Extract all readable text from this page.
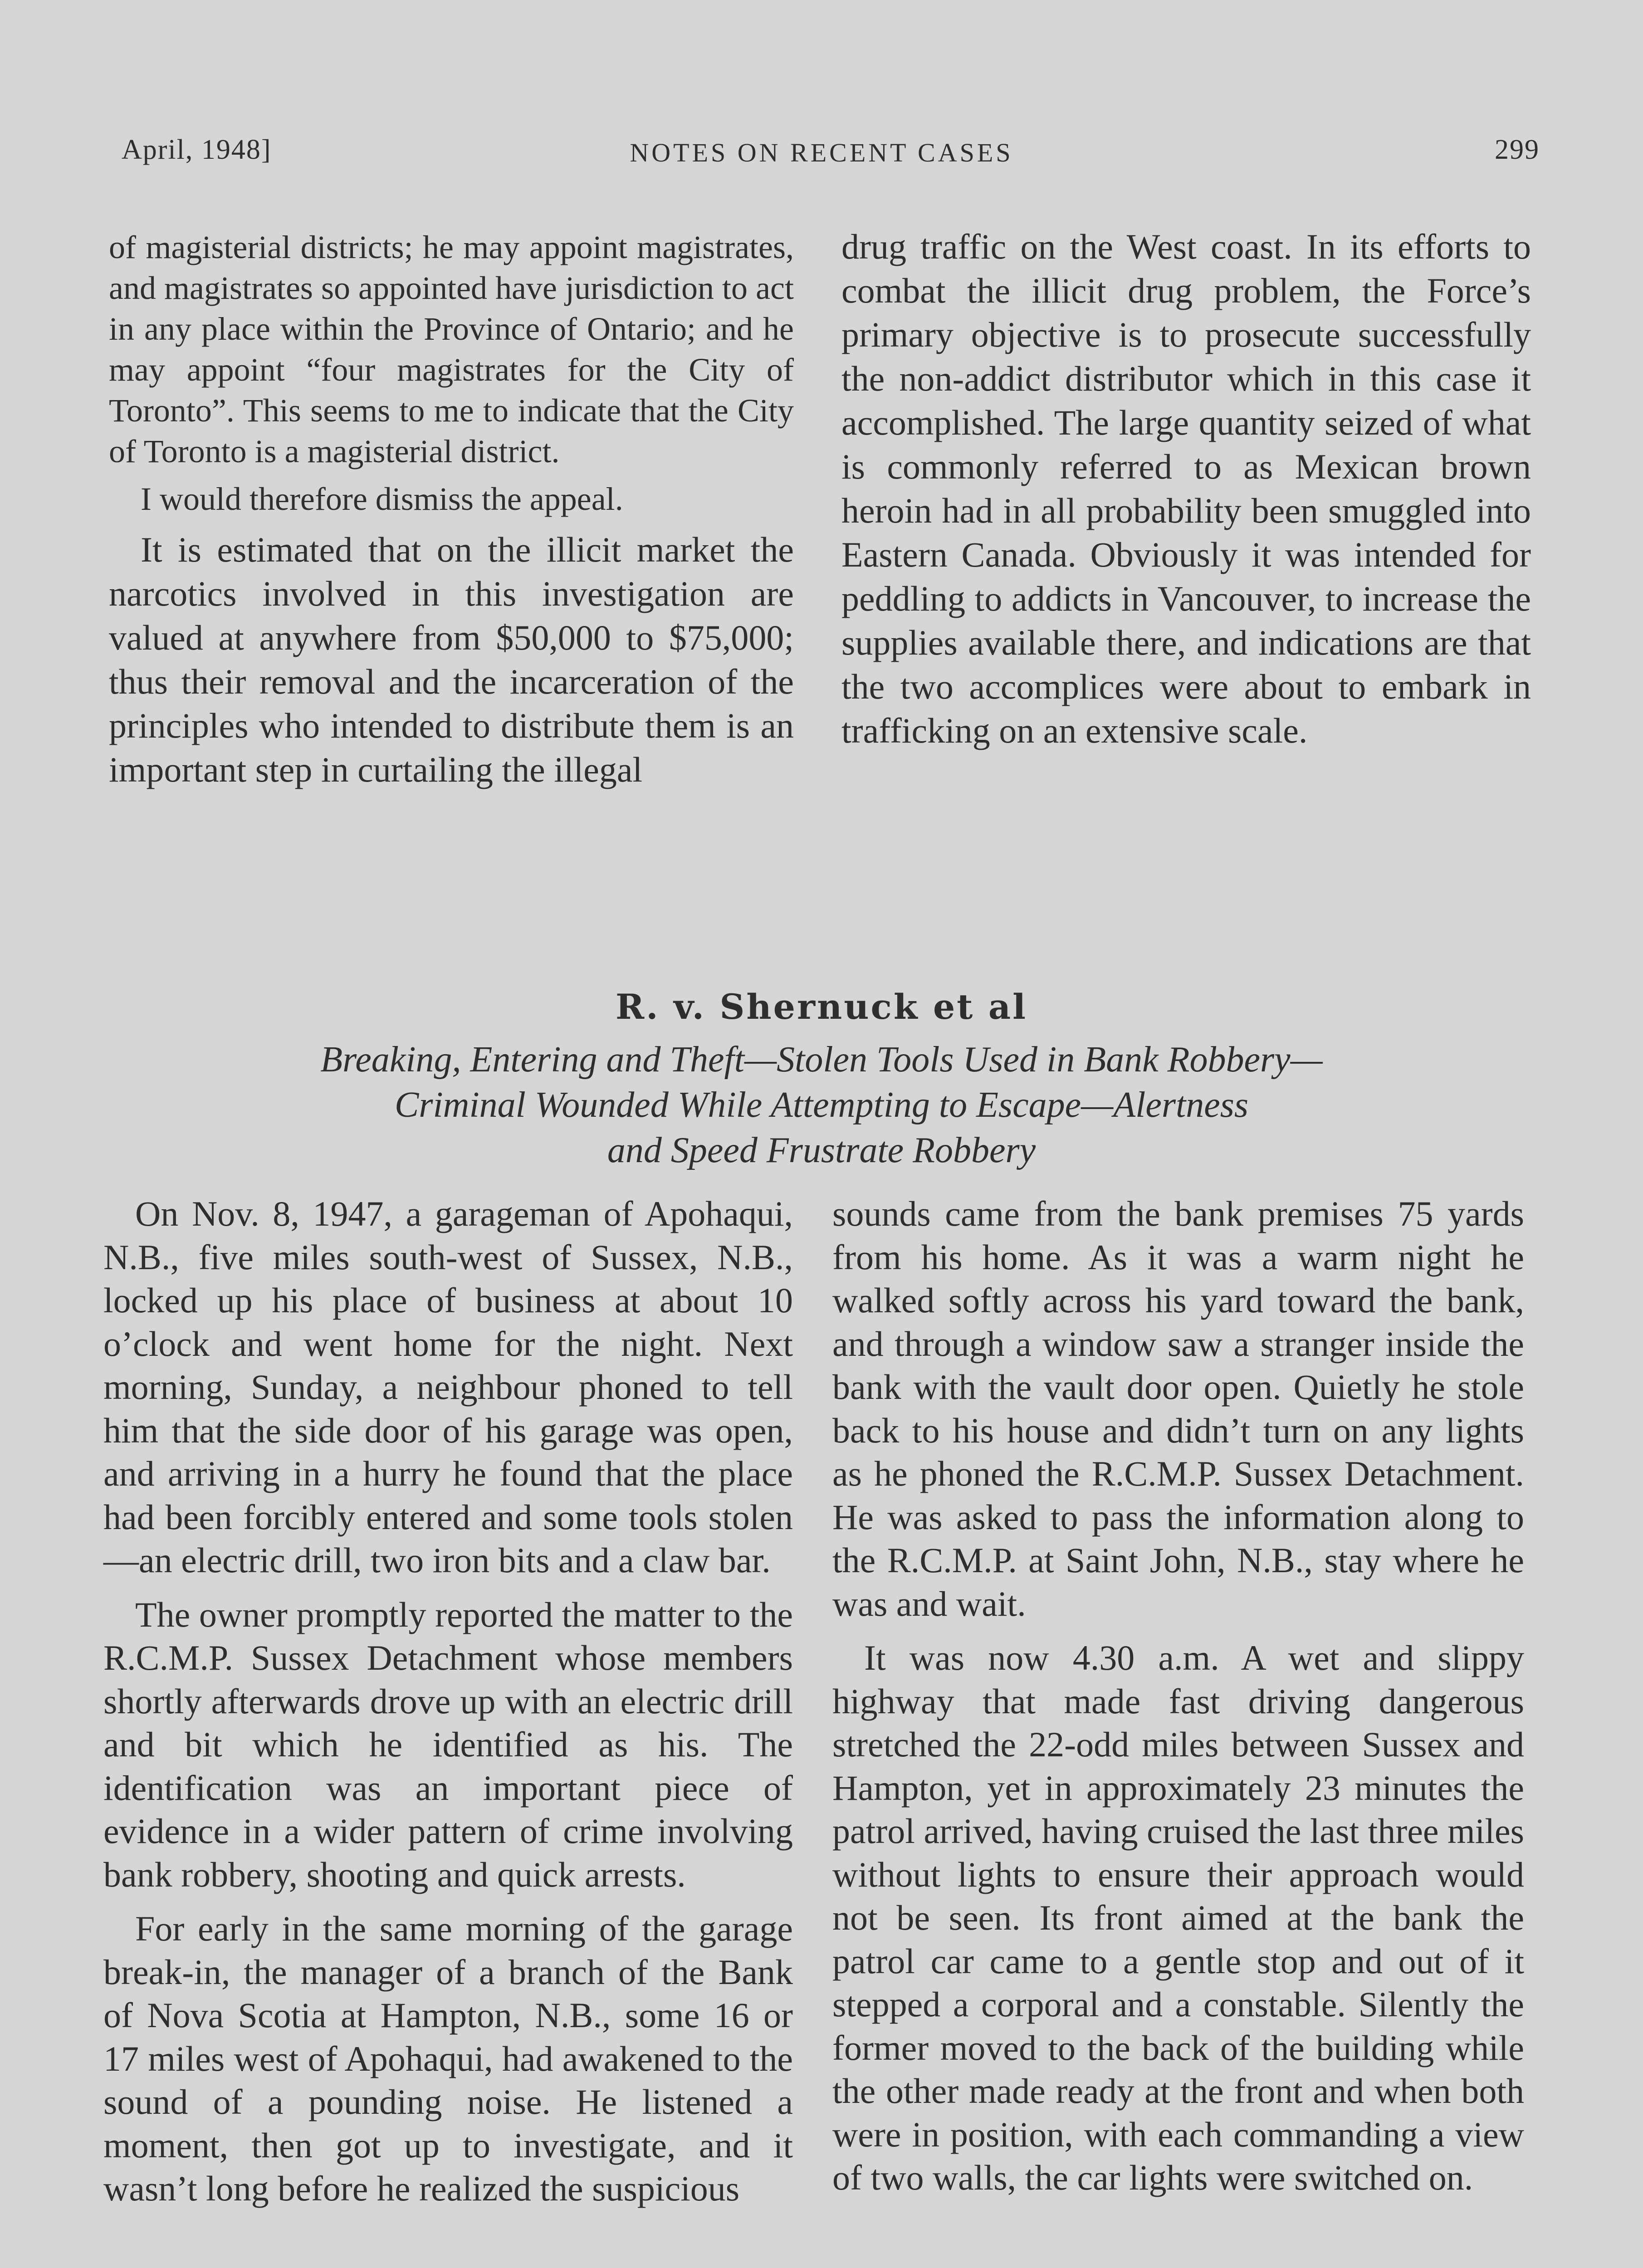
April, 1948]	NOTES ON RECENT CASES	299

of magisterial districts; he may appoint magistrates, and magistrates so appointed have jurisdiction to act in any place within the Province of Ontario; and he may appoint “four magistrates for the City of Toronto”. This seems to me to indicate that the City of Toronto is a magisterial district.

I would therefore dismiss the appeal.

It is estimated that on the illicit market the narcotics involved in this investigation are valued at anywhere from $50,000 to $75,000; thus their removal and the incarceration of the principles who intended to distribute them is an important step in curtailing the illegal

drug traffic on the West coast. In its efforts to combat the illicit drug problem, the Force’s primary objective is to prosecute successfully the non-addict distributor which in this case it accomplished. The large quantity seized of what is commonly referred to as Mexican brown heroin had in all probability been smuggled into Eastern Canada. Obviously it was intended for peddling to addicts in Vancouver, to increase the supplies available there, and indications are that the two accomplices were about to embark in trafficking on an extensive scale.

R. v. Shernuck et al
Breaking, Entering and Theft—Stolen Tools Used in Bank Robbery—
Criminal Wounded While Attempting to Escape—Alertness
and Speed Frustrate Robbery

On Nov. 8, 1947, a garageman of Apohaqui, N.B., five miles south-west of Sussex, N.B., locked up his place of business at about 10 o’clock and went home for the night. Next morning, Sunday, a neighbour phoned to tell him that the side door of his garage was open, and arriving in a hurry he found that the place had been forcibly entered and some tools stolen—an electric drill, two iron bits and a claw bar.

The owner promptly reported the matter to the R.C.M.P. Sussex Detachment whose members shortly afterwards drove up with an electric drill and bit which he identified as his. The identification was an important piece of evidence in a wider pattern of crime involving bank robbery, shooting and quick arrests.

For early in the same morning of the garage break-in, the manager of a branch of the Bank of Nova Scotia at Hampton, N.B., some 16 or 17 miles west of Apohaqui, had awakened to the sound of a pounding noise. He listened a moment, then got up to investigate, and it wasn’t long before he realized the suspicious

sounds came from the bank premises 75 yards from his home. As it was a warm night he walked softly across his yard toward the bank, and through a window saw a stranger inside the bank with the vault door open. Quietly he stole back to his house and didn’t turn on any lights as he phoned the R.C.M.P. Sussex Detachment. He was asked to pass the information along to the R.C.M.P. at Saint John, N.B., stay where he was and wait.

It was now 4.30 a.m. A wet and slippy highway that made fast driving dangerous stretched the 22-odd miles between Sussex and Hampton, yet in approximately 23 minutes the patrol arrived, having cruised the last three miles without lights to ensure their approach would not be seen. Its front aimed at the bank the patrol car came to a gentle stop and out of it stepped a corporal and a constable. Silently the former moved to the back of the building while the other made ready at the front and when both were in position, with each commanding a view of two walls, the car lights were switched on.
